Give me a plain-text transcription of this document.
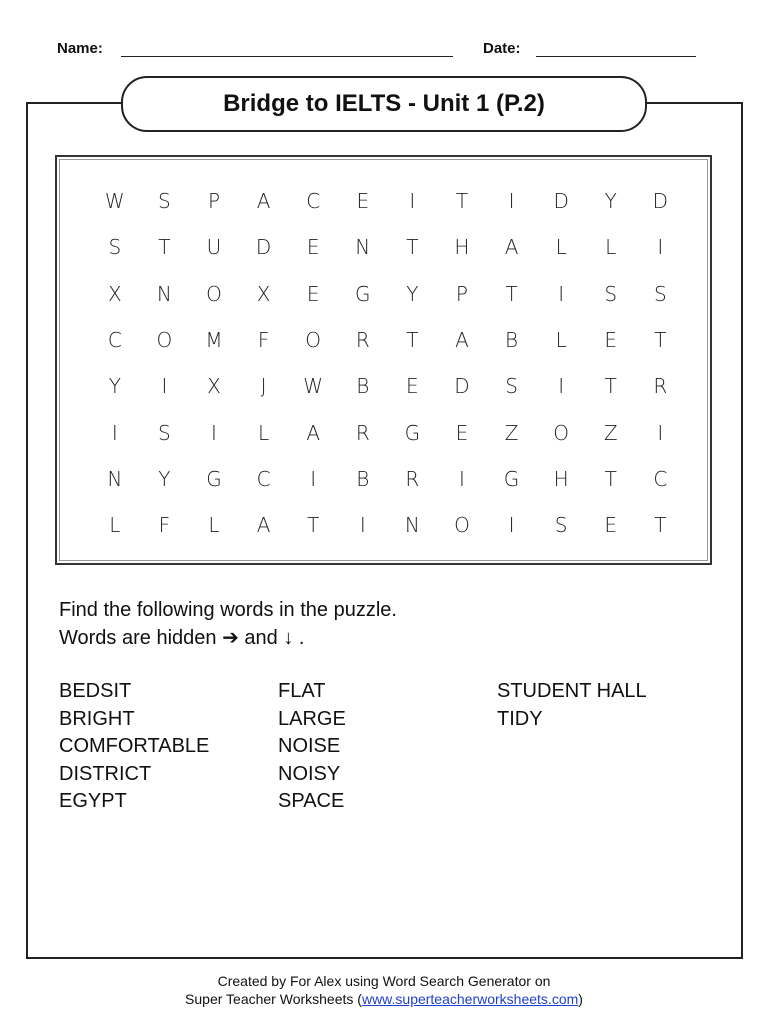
Name:	Date:
Bridge to IELTS - Unit 1 (P.2)
W	S	P	A	C	E	I	T	I	D	Y	D
S	T	U	D	E	N	T	H	A	L	L	I
X	N	O	X	E	G	Y	P	T	I	S	S
C	O	M	F	O	R	T	A	B	L	E	T
Y	I	X	J	W	B	E	D	S	I	T	R
I	S	I	L	A	R	G	E	Z	O	Z	I
N	Y	G	C	I	B	R	I	G	H	T	C
L	F	L	A	T	I	N	O	I	S	E	T
Find the following words in the puzzle.
Words are hidden ➔ and ↓ .
BEDSIT
BRIGHT
COMFORTABLE
DISTRICT
EGYPT
FLAT
LARGE
NOISE
NOISY
SPACE
STUDENT HALL
TIDY
Created by For Alex using Word Search Generator on
Super Teacher Worksheets (www.superteacherworksheets.com)
